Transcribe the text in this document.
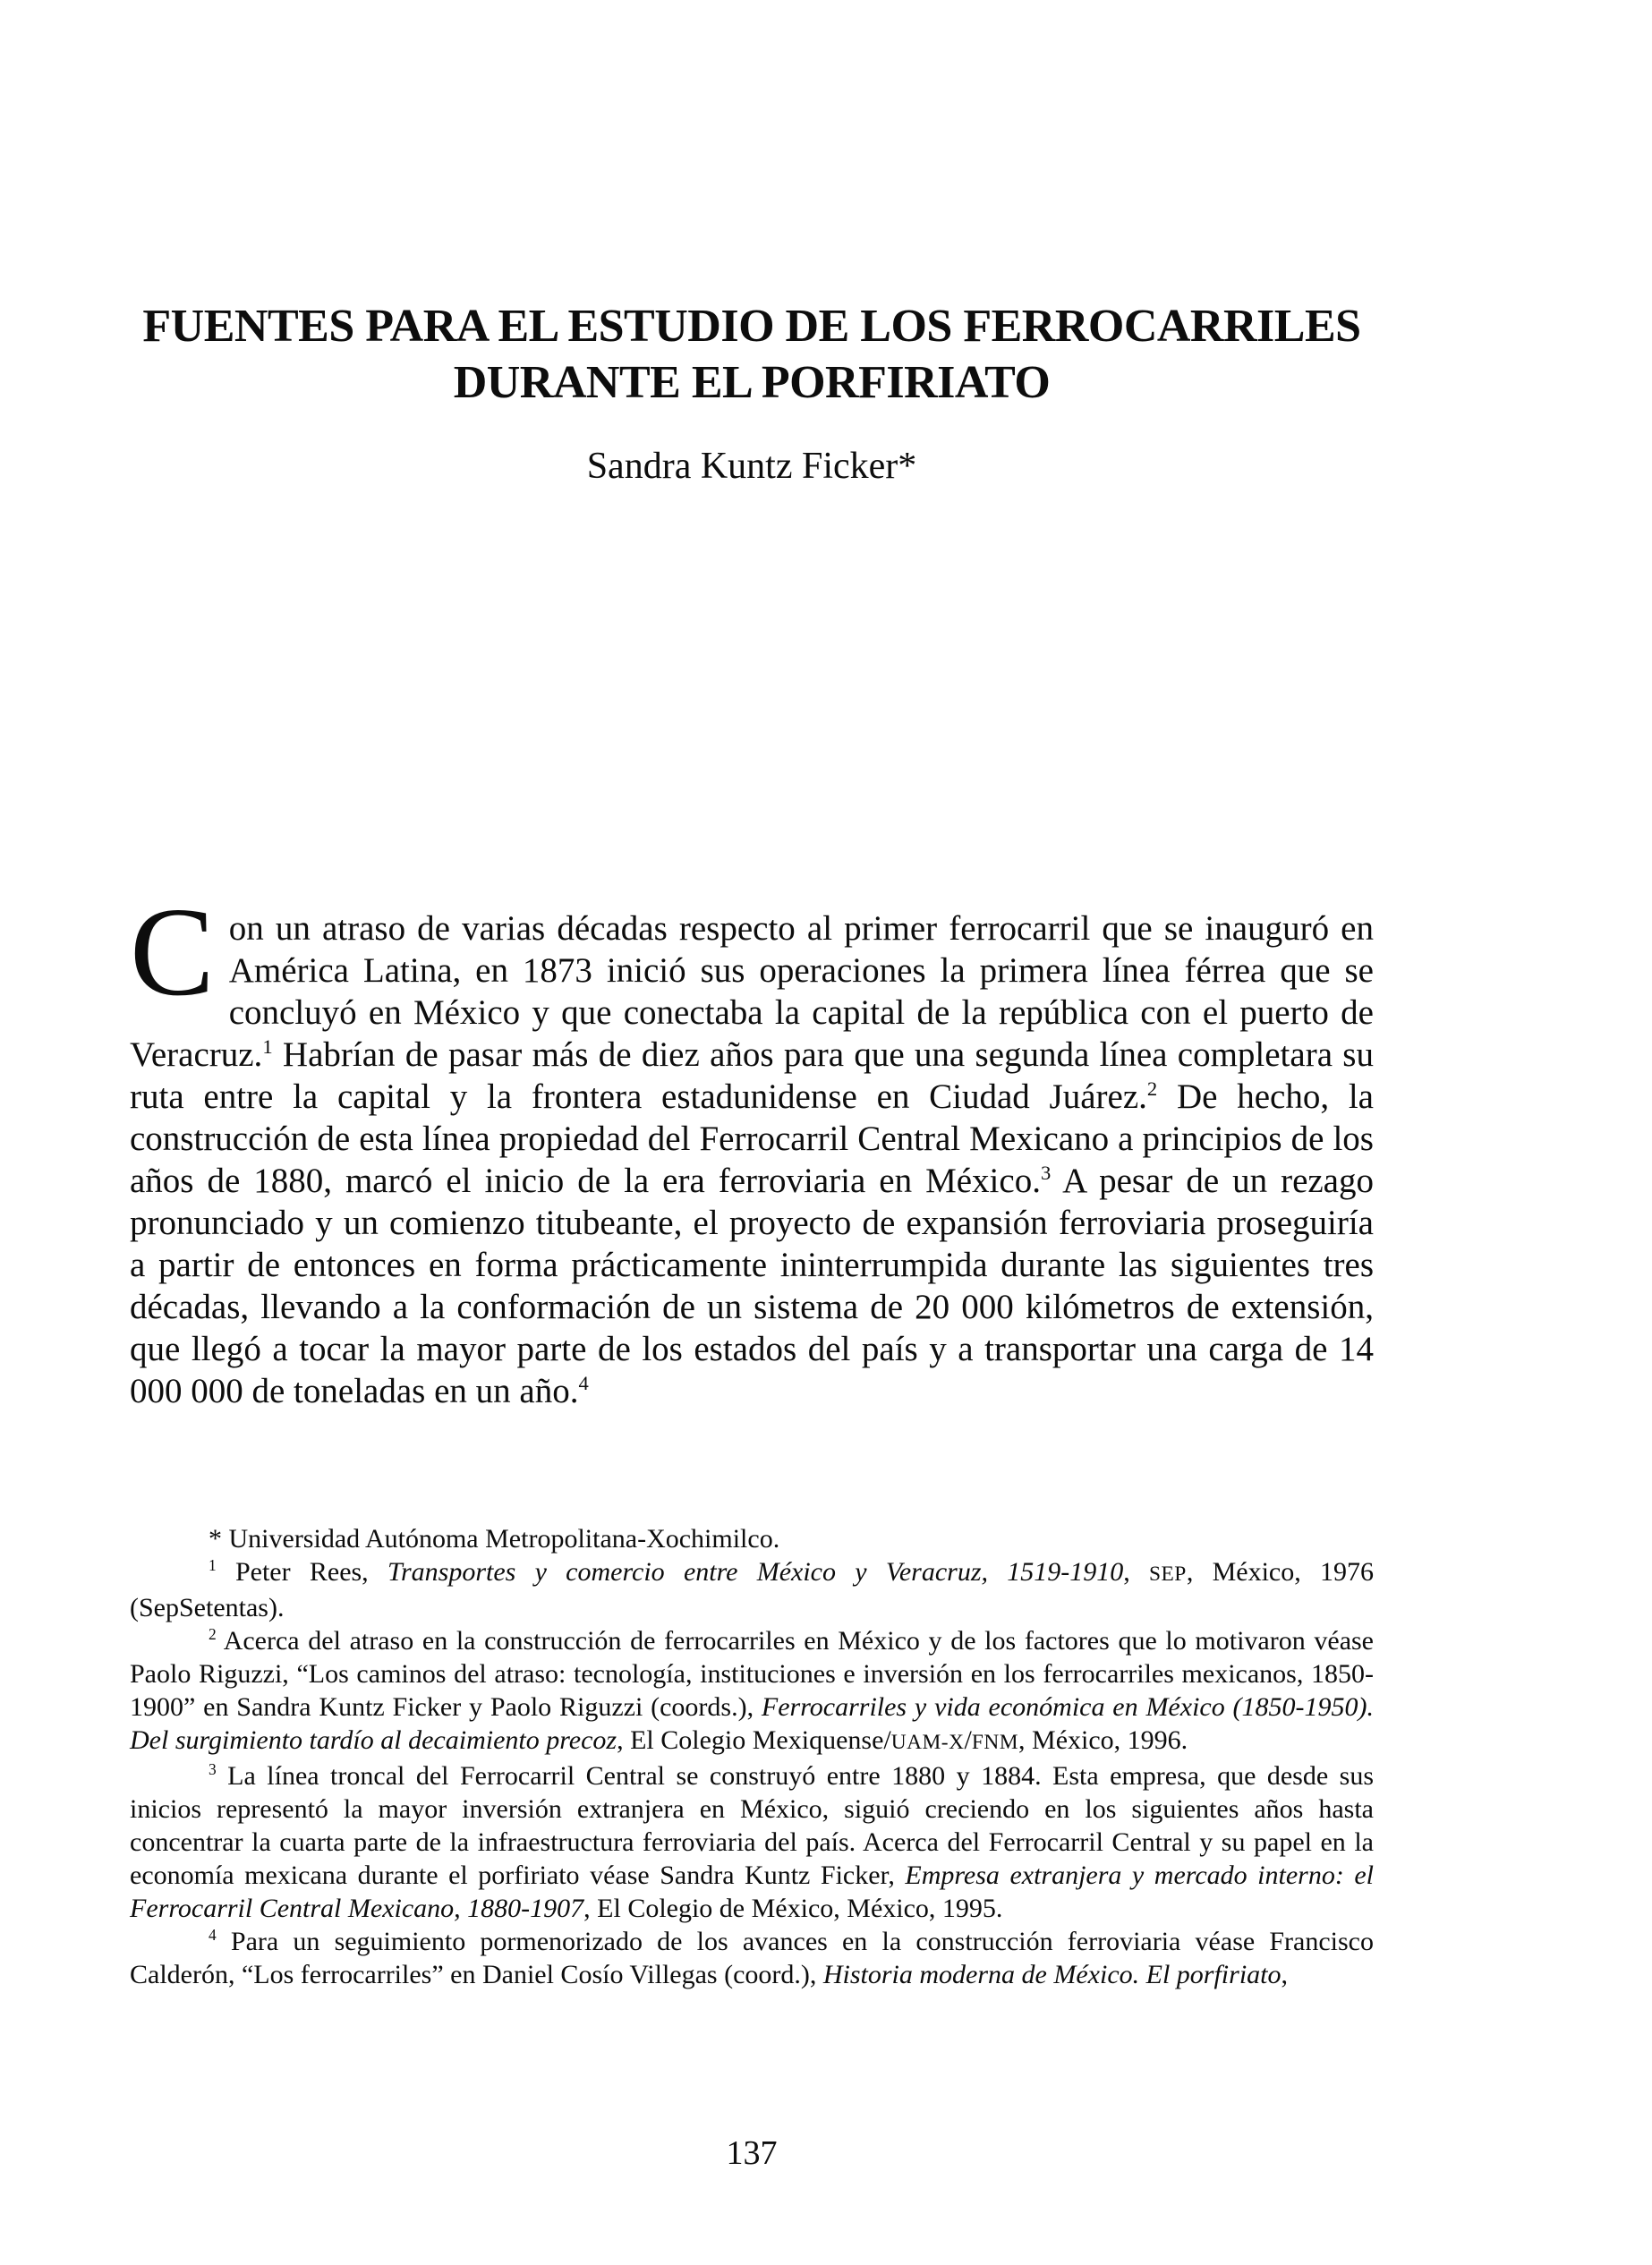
FUENTES PARA EL ESTUDIO DE LOS FERROCARRILES
DURANTE EL PORFIRIATO
Sandra Kuntz Ficker*
Con un atraso de varias décadas respecto al primer ferrocarril que se inauguró en América Latina, en 1873 inició sus operaciones la primera línea férrea que se concluyó en México y que conectaba la capital de la república con el puerto de Veracruz.$^1$ Habrían de pasar más de diez años para que una segunda línea completara su ruta entre la capital y la frontera estadunidense en Ciudad Juárez.$^2$ De hecho, la construcción de esta línea propiedad del Ferrocarril Central Mexicano a principios de los años de 1880, marcó el inicio de la era ferroviaria en México.$^3$ A pesar de un rezago pronunciado y un comienzo titubeante, el proyecto de expansión ferroviaria proseguiría a partir de entonces en forma prácticamente ininterrumpida durante las siguientes tres décadas, llevando a la conformación de un sistema de 20 000 kilómetros de extensión, que llegó a tocar la mayor parte de los estados del país y a transportar una carga de 14 000 000 de toneladas en un año.$^4$

* Universidad Autónoma Metropolitana-Xochimilco.

$^1$ Peter Rees, Transportes y comercio entre México y Veracruz, 1519-1910, SEP, México, 1976 (SepSetentas).

$^2$ Acerca del atraso en la construcción de ferrocarriles en México y de los factores que lo motivaron véase Paolo Riguzzi, “Los caminos del atraso: tecnología, instituciones e inversión en los ferrocarriles mexicanos, 1850-1900” en Sandra Kuntz Ficker y Paolo Riguzzi (coords.), Ferrocarriles y vida económica en México (1850-1950). Del surgimiento tardío al decaimiento precoz, El Colegio Mexiquense/UAM-X/FNM, México, 1996.

$^3$ La línea troncal del Ferrocarril Central se construyó entre 1880 y 1884. Esta empresa, que desde sus inicios representó la mayor inversión extranjera en México, siguió creciendo en los siguientes años hasta concentrar la cuarta parte de la infraestructura ferroviaria del país. Acerca del Ferrocarril Central y su papel en la economía mexicana durante el porfiriato véase Sandra Kuntz Ficker, Empresa extranjera y mercado interno: el Ferrocarril Central Mexicano, 1880-1907, El Colegio de México, México, 1995.

$^4$ Para un seguimiento pormenorizado de los avances en la construcción ferroviaria véase Francisco Calderón, “Los ferrocarriles” en Daniel Cosío Villegas (coord.), Historia moderna de México. El porfiriato,

137
